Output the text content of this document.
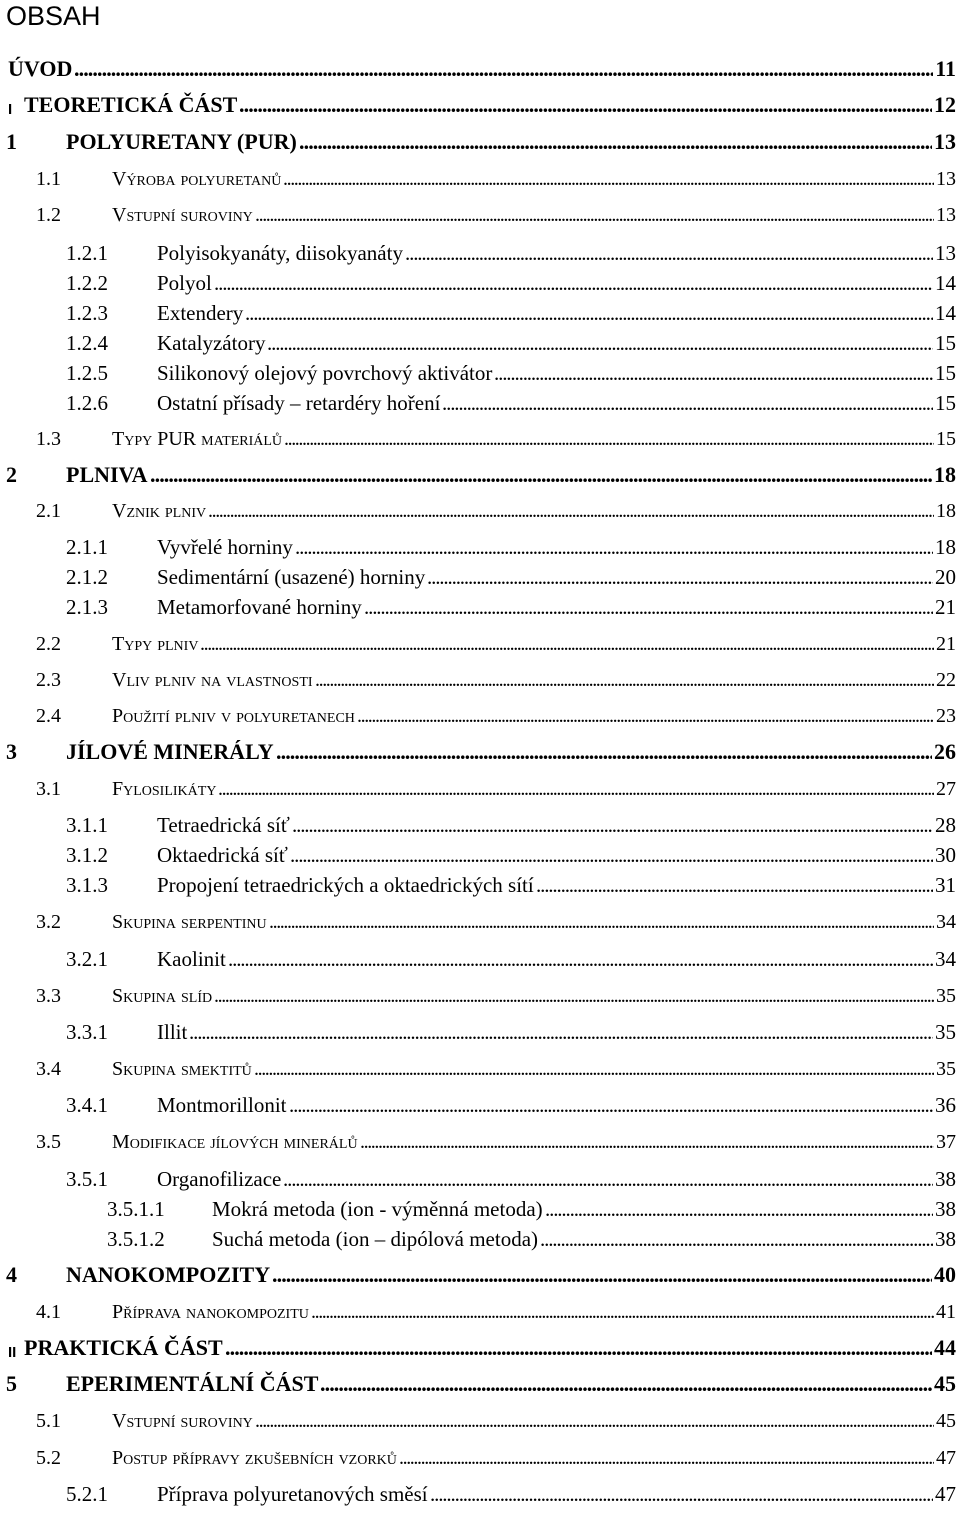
OBSAH
ÚVOD . . .	11
I TEORETICKÁ ČÁST . . .	12
1 POLYURETANY (PUR) . . .	13
1.1	Výroba polyuretanů . . .	13
1.2	Vstupní suroviny . . .	13
1.2.1 Polyisokyanáty, diisokyanáty . . .	13
1.2.2 Polyol . . .	14
1.2.3 Extendery . . .	14
1.2.4 Katalyzátory . . .	15
1.2.5 Silikonový olejový povrchový aktivátor . . .	15
1.2.6 Ostatní přísady – retardéry hoření . . .	15
1.3	Typy PUR materiálů . . .	15
2 PLNIVA . . .	18
2.1	Vznik plniv . . .	18
2.1.1 Vyvřelé horniny . . .	18
2.1.2 Sedimentární (usazené) horniny . . .	20
2.1.3 Metamorfované horniny . . .	21
2.2	Typy plniv . . .	21
2.3	Vliv plniv na vlastnosti . . .	22
2.4	Použití plniv v polyuretanech . . .	23
3 JÍLOVÉ MINERÁLY . . .	26
3.1	Fylosilikáty . . .	27
3.1.1 Tetraedrická síť . . .	28
3.1.2 Oktaedrická síť . . .	30
3.1.3 Propojení tetraedrických a oktaedrických sítí . . .	31
3.2	Skupina serpentinu . . .	34
3.2.1 Kaolinit . . .	34
3.3	Skupina slíd . . .	35
3.3.1 Illit . . .	35
3.4	Skupina smektitů . . .	35
3.4.1 Montmorillonit . . .	36
3.5	Modifikace jílových minerálů . . .	37
3.5.1 Organofilizace . . .	38
3.5.1.1 Mokrá metoda (ion - výměnná metoda) . . .	38
3.5.1.2 Suchá metoda (ion – dipólová metoda) . . .	38
4 NANOKOMPOZITY . . .	40
4.1	Příprava nanokompozitu . . .	41
II PRAKTICKÁ ČÁST . . .	44
5 EPERIMENTÁLNÍ ČÁST . . .	45
5.1	Vstupní suroviny . . .	45
5.2	Postup přípravy zkušebních vzorků . . .	47
5.2.1 Příprava polyuretanových směsí . . .	47
